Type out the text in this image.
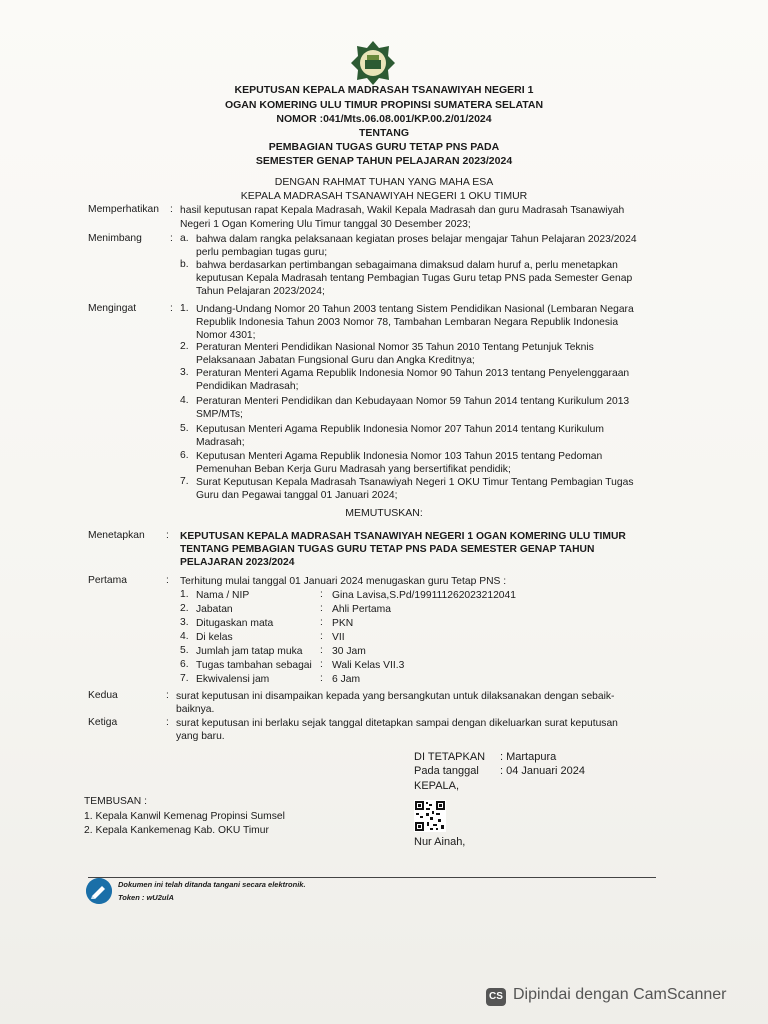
KEPUTUSAN KEPALA MADRASAH TSANAWIYAH NEGERI 1
OGAN KOMERING ULU TIMUR PROPINSI SUMATERA SELATAN
NOMOR :041/Mts.06.08.001/KP.00.2/01/2024
TENTANG
PEMBAGIAN TUGAS GURU TETAP PNS PADA
SEMESTER GENAP TAHUN PELAJARAN 2023/2024
DENGAN RAHMAT TUHAN YANG MAHA ESA
KEPALA MADRASAH TSANAWIYAH NEGERI 1 OKU TIMUR
Memperhatikan : hasil keputusan rapat Kepala Madrasah, Wakil Kepala Madrasah dan guru Madrasah Tsanawiyah
Negeri 1 Ogan Komering Ulu Timur tanggal 30 Desember 2023;
Menimbang	: a. bahwa dalam rangka pelaksanaan kegiatan proses belajar mengajar Tahun Pelajaran 2023/2024
perlu pembagian tugas guru;
b. bahwa berdasarkan pertimbangan sebagaimana dimaksud dalam huruf a, perlu menetapkan
keputusan Kepala Madrasah tentang Pembagian Tugas Guru tetap PNS pada Semester Genap
Tahun Pelajaran 2023/2024;
Mengingat	: 1. Undang-Undang Nomor 20 Tahun 2003 tentang Sistem Pendidikan Nasional (Lembaran Negara
Republik Indonesia Tahun 2003 Nomor 78, Tambahan Lembaran Negara Republik Indonesia
Nomor 4301;
2. Peraturan Menteri Pendidikan Nasional Nomor 35 Tahun 2010 Tentang Petunjuk Teknis
Pelaksanaan Jabatan Fungsional Guru dan Angka Kreditnya;
3. Peraturan Menteri Agama Republik Indonesia Nomor 90 Tahun 2013 tentang Penyelenggaraan
Pendidikan Madrasah;
4. Peraturan Menteri Pendidikan dan Kebudayaan Nomor 59 Tahun 2014 tentang Kurikulum 2013
SMP/MTs;
5. Keputusan Menteri Agama Republik Indonesia Nomor 207 Tahun 2014 tentang Kurikulum
Madrasah;
6. Keputusan Menteri Agama Republik Indonesia Nomor 103 Tahun 2015 tentang Pedoman
Pemenuhan Beban Kerja Guru Madrasah yang bersertifikat pendidik;
7. Surat Keputusan Kepala Madrasah Tsanawiyah Negeri 1 OKU Timur Tentang Pembagian Tugas
Guru dan Pegawai tanggal 01 Januari 2024;
MEMUTUSKAN:
Menetapkan : KEPUTUSAN KEPALA MADRASAH TSANAWIYAH NEGERI 1 OGAN KOMERING ULU TIMUR
TENTANG PEMBAGIAN TUGAS GURU TETAP PNS PADA SEMESTER GENAP TAHUN
PELAJARAN 2023/2024
Pertama	: Terhitung mulai tanggal 01 Januari 2024 menugaskan guru Tetap PNS :
1. Nama / NIP	: Gina Lavisa,S.Pd/199111262023212041
2. Jabatan	: Ahli Pertama
3. Ditugaskan mata	: PKN
4. Di kelas	: VII
5. Jumlah jam tatap muka : 30 Jam
6. Tugas tambahan sebagai : Wali Kelas VII.3
7. Ekwivalensi jam	: 6 Jam
Kedua	: surat keputusan ini disampaikan kepada yang bersangkutan untuk dilaksanakan dengan sebaik-
baiknya.
Ketiga	: surat keputusan ini berlaku sejak tanggal ditetapkan sampai dengan dikeluarkan surat keputusan
yang baru.
DI TETAPKAN : Martapura
Pada tanggal : 04 Januari 2024
KEPALA,
Nur Ainah,
TEMBUSAN :
1. Kepala Kanwil Kemenag Propinsi Sumsel
2. Kepala Kankemenag Kab. OKU Timur
Dokumen ini telah ditanda tangani secara elektronik.
Token : wU2ulA
CS Dipindai dengan CamScanner
